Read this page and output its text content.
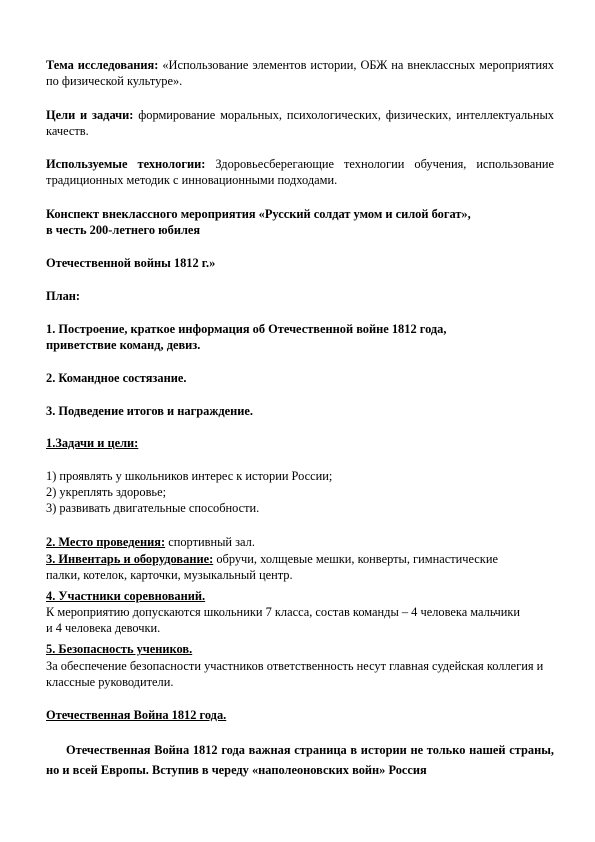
Тема исследования: «Использование элементов истории, ОБЖ на внеклассных мероприятиях по физической культуре».

Цели и задачи: формирование моральных, психологических, физических, интеллектуальных качеств.

Используемые технологии: Здоровьесберегающие технологии обучения, использование традиционных методик с инновационными подходами.

Конспект внеклассного мероприятия «Русский солдат умом и силой богат»,
в честь 200-летнего юбилея

Отечественной войны 1812 г.»

План:

1. Построение, краткое информация об Отечественной войне 1812 года, приветствие команд, девиз.

2. Командное состязание.

3. Подведение итогов и награждение.

1.Задачи и цели:

1) проявлять у школьников интерес к истории России;
2) укреплять здоровье;
3) развивать двигательные способности.

2. Место проведения: спортивный зал.

3. Инвентарь и оборудование: обручи, холщевые мешки, конверты, гимнастические палки, котелок, карточки, музыкальный центр.

4. Участники соревнований.

К мероприятию допускаются школьники 7 класса, состав команды – 4 человека мальчики и 4 человека девочки.

5. Безопасность учеников.

За обеспечение безопасности участников ответственность несут главная судейская коллегия и классные руководители.

Отечественная Война 1812 года.

Отечественная Война 1812 года важная страница в истории не только нашей страны, но и всей Европы. Вступив в череду «наполеоновских войн» Россия
